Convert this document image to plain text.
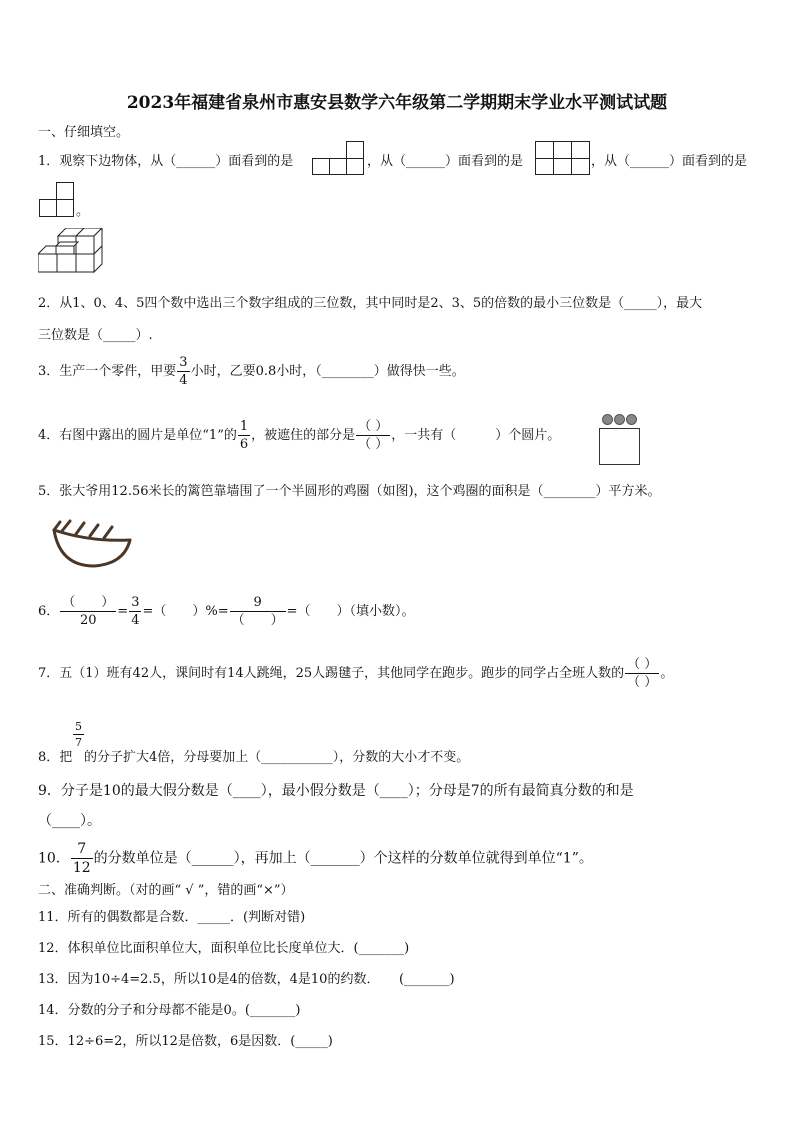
2023年福建省泉州市惠安县数学六年级第二学期期末学业水平测试试题
一、仔细填空。
1．观察下边物体，从（______）面看到的是	，从（______）面看到的是	，从（______）面看到的是
。
2．从1、0、4、5四个数中选出三个数字组成的三位数，其中同时是2、3、5的倍数的最小三位数是（_____），最大
三位数是（_____）.
3．生产一个零件，甲要 $\frac{3}{4}$ 小时，乙要0.8小时，（________）做得快一些。
4．右图中露出的圆片是单位“1”的 $\frac{1}{6}$ ，被遮住的部分是 $\frac{( )}{( )}$ ，一共有（　　　）个圆片。
5．张大爷用12.56米长的篱笆靠墙围了一个半圆形的鸡圈（如图)，这个鸡圈的面积是（________）平方米。
6． $\frac{( )}{20} = \frac{3}{4}$ =（　　）%= $\frac{9}{( )}$ =（　　）（填小数）。
7．五（1）班有42人，课间时有14人跳绳，25人踢毽子，其他同学在跑步。跑步的同学占全班人数的 $\frac{( )}{( )}$ 。
$\frac{5}{7}$
8．把 的分子扩大4倍，分母要加上（___________），分数的大小才不变。
9．分子是10的最大假分数是（____），最小假分数是（____）；分母是7的所有最简真分数的和是
（____）。
10． $\frac{7}{12}$ 的分数单位是（______），再加上（_______）个这样的分数单位就得到单位“1”。
二、准确判断。（对的画“ √ ”，错的画“×”）
11．所有的偶数都是合数．_____．(判断对错)
12．体积单位比面积单位大，面积单位比长度单位大．(_______)
13．因为10÷4=2.5，所以10是4的倍数，4是10的约数．　　(_______)
14．分数的分子和分母都不能是0。(_______)
15．12÷6=2，所以12是倍数，6是因数．(_____)
